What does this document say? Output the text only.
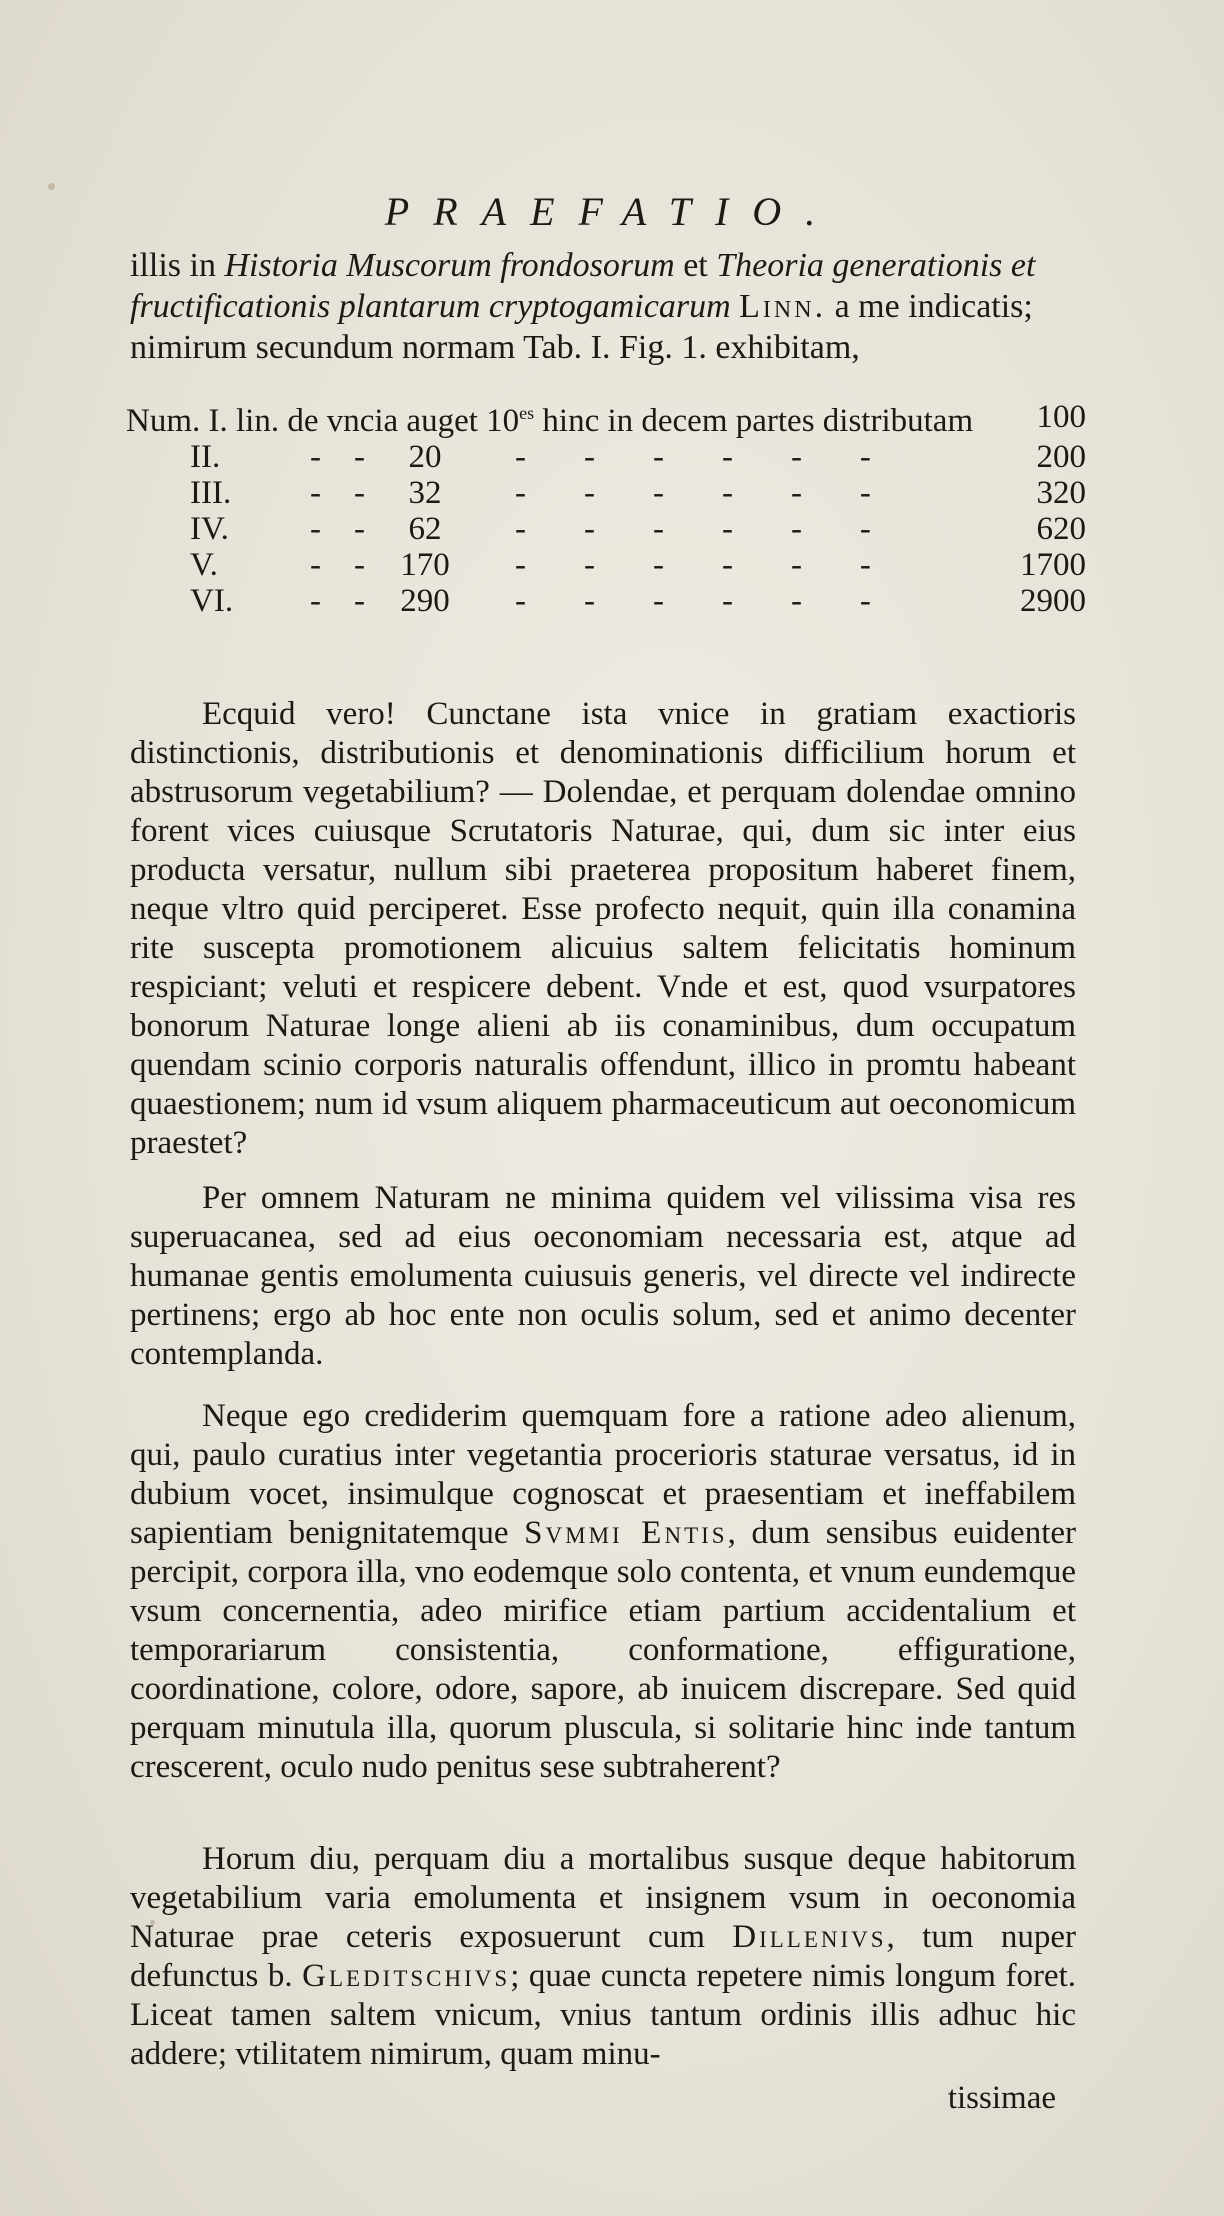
PRAEFATIO.
illis in Historia Muscorum frondosorum et Theoria generationis et fructificationis plantarum cryptogamicarum Linn. a me indicatis; nimirum secundum normam Tab. I. Fig. 1. exhibitam,
Num. I. lin. de vncia auget $10^{es}$ hinc in decem partes distributam				100
II.	-    -	20	------	200
III.	-    -	32	------	320
IV.	-    -	62	------	620
V.	-    -	170	------	1700
VI.	-    -	290	------	2900

Ecquid vero! Cunctane ista vnice in gratiam exactioris distinctionis, distributionis et denominationis difficilium horum et abstrusorum vegetabilium? — Dolendae, et perquam dolendae omnino forent vices cuiusque Scrutatoris Naturae, qui, dum sic inter eius producta versatur, nullum sibi praeterea propositum haberet finem, neque vltro quid perciperet. Esse profecto nequit, quin illa conamina rite suscepta promotionem alicuius saltem felicitatis hominum respiciant; veluti et respicere debent. Vnde et est, quod vsurpatores bonorum Naturae longe alieni ab iis conaminibus, dum occupatum quendam scinio corporis naturalis offendunt, illico in promtu habeant quaestionem; num id vsum aliquem pharmaceuticum aut oeconomicum praestet?

Per omnem Naturam ne minima quidem vel vilissima visa res superuacanea, sed ad eius oeconomiam necessaria est, atque ad humanae gentis emolumenta cuiusuis generis, vel directe vel indirecte pertinens; ergo ab hoc ente non oculis solum, sed et animo decenter contemplanda.

Neque ego crediderim quemquam fore a ratione adeo alienum, qui, paulo curatius inter vegetantia procerioris staturae versatus, id in dubium vocet, insimulque cognoscat et praesentiam et ineffabilem sapientiam benignitatemque Svmmi Entis, dum sensibus euidenter percipit, corpora illa, vno eodemque solo contenta, et vnum eundemque vsum concernentia, adeo mirifice etiam partium accidentalium et temporariarum consistentia, conformatione, effiguratione, coordinatione, colore, odore, sapore, ab inuicem discrepare. Sed quid perquam minutula illa, quorum pluscula, si solitarie hinc inde tantum crescerent, oculo nudo penitus sese subtraherent?

Horum diu, perquam diu a mortalibus susque deque habitorum vegetabilium varia emolumenta et insignem vsum in oeconomia Naturae prae ceteris exposuerunt cum Dillenivs, tum nuper defunctus b. Gleditschivs; quae cuncta repetere nimis longum foret. Liceat tamen saltem vnicum, vnius tantum ordinis illis adhuc hic addere; vtilitatem nimirum, quam minu-

tissimae
